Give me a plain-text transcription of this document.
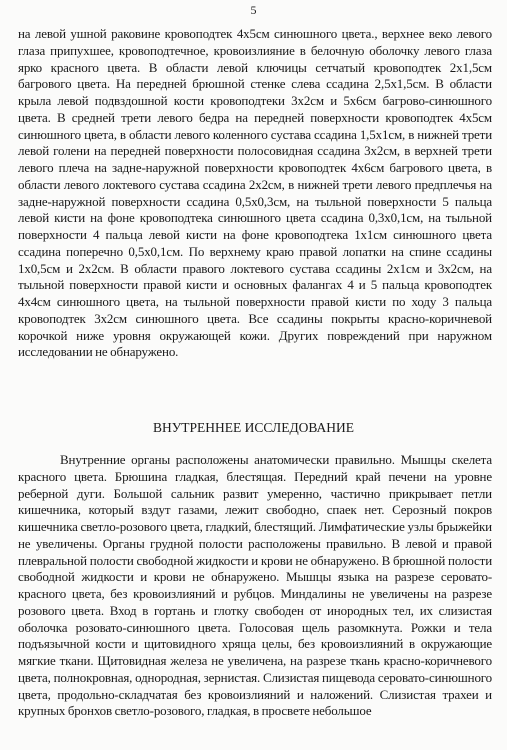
5

на левой ушной раковине кровоподтек 4х5см синюшного цвета., верхнее веко левого глаза припухшее, кровоподтечное, кровоизлияние в белочную оболочку левого глаза ярко красного цвета. В области левой ключицы сетчатый кровоподтек 2х1,5см багрового цвета. На передней брюшной стенке слева ссадина 2,5х1,5см. В области крыла левой подвздошной кости кровоподтеки 3х2см и 5х6см багрово-синюшного цвета. В средней трети левого бедра на передней поверхности кровоподтек 4х5см синюшного цвета, в области левого коленного сустава ссадина 1,5х1см, в нижней трети левой голени на передней поверхности полосовидная ссадина 3х2см, в верхней трети левого плеча на задне-наружной поверхности кровоподтек 4х6см багрового цвета, в области левого локтевого сустава ссадина 2х2см, в нижней трети левого предплечья на задне-наружной поверхности ссадина 0,5х0,3см, на тыльной поверхности 5 пальца левой кисти на фоне кровоподтека синюшного цвета ссадина 0,3х0,1см, на тыльной поверхности 4 пальца левой кисти на фоне кровоподтека 1х1см синюшного цвета ссадина поперечно 0,5х0,1см. По верхнему краю правой лопатки на спине ссадины 1х0,5см и 2х2см. В области правого локтевого сустава ссадины 2х1см и 3х2см, на тыльной поверхности правой кисти и основных фалангах 4 и 5 пальца кровоподтек 4х4см синюшного цвета, на тыльной поверхности правой кисти по ходу 3 пальца кровоподтек 3х2см синюшного цвета. Все ссадины покрыты красно-коричневой корочкой ниже уровня окружающей кожи. Других повреждений при наружном исследовании не обнаружено.

ВНУТРЕННЕЕ ИССЛЕДОВАНИЕ

Внутренние органы расположены анатомически правильно. Мышцы скелета красного цвета. Брюшина гладкая, блестящая. Передний край печени на уровне реберной дуги. Большой сальник развит умеренно, частично прикрывает петли кишечника, который вздут газами, лежит свободно, спаек нет. Серозный покров кишечника светло-розового цвета, гладкий, блестящий. Лимфатические узлы брыжейки не увеличены. Органы грудной полости расположены правильно. В левой и правой плевральной полости свободной жидкости и крови не обнаружено. В брюшной полости свободной жидкости и крови не обнаружено. Мышцы языка на разрезе серовато-красного цвета, без кровоизлияний и рубцов. Миндалины не увеличены на разрезе розового цвета. Вход в гортань и глотку свободен от инородных тел, их слизистая оболочка розовато-синюшного цвета. Голосовая щель разомкнута. Рожки и тела подъязычной кости и щитовидного хряща целы, без кровоизлияний в окружающие мягкие ткани. Щитовидная железа не увеличена, на разрезе ткань красно-коричневого цвета, полнокровная, однородная, зернистая. Слизистая пищевода серовато-синюшного цвета, продольно-складчатая без кровоизлияний и наложений. Слизистая трахеи и крупных бронхов светло-розового, гладкая, в просвете небольшое
